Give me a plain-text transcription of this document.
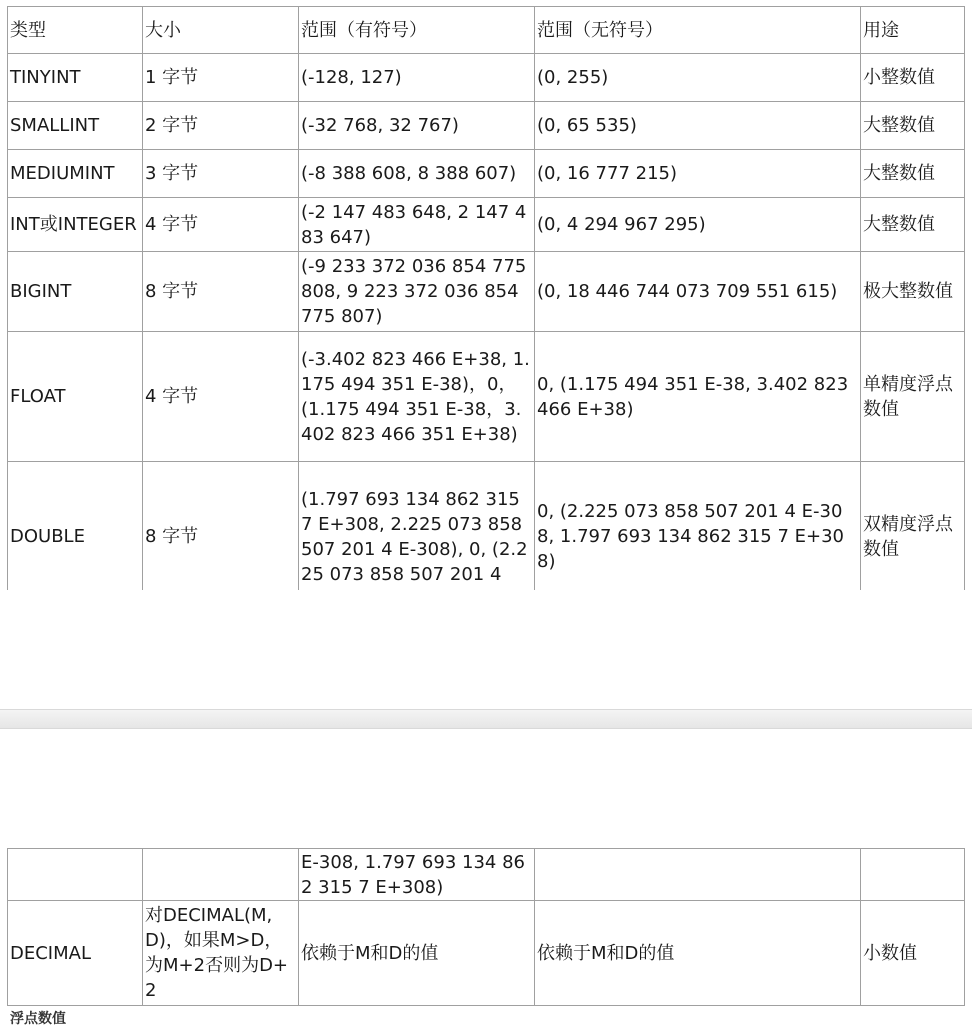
类型	大小	范围（有符号）	范围（无符号）	用途
TINYINT	1 字节	(-128, 127)	(0, 255)	小整数值
SMALLINT	2 字节	(-32 768, 32 767)	(0, 65 535)	大整数值
MEDIUMINT	3 字节	(-8 388 608, 8 388 607)	(0, 16 777 215)	大整数值
INT或INTEGER	4 字节	(-2 147 483 648, 2 147 483 647)	(0, 4 294 967 295)	大整数值
BIGINT	8 字节	(-9 233 372 036 854 775 808, 9 223 372 036 854 775 807)	(0, 18 446 744 073 709 551 615)	极大整数值
FLOAT	4 字节	(-3.402 823 466 E+38, 1.175 494 351 E-38)，0，(1.175 494 351 E-38，3.402 823 466 351 E+38)	0, (1.175 494 351 E-38, 3.402 823 466 E+38)	单精度浮点数值
DOUBLE	8 字节	(1.797 693 134 862 315 7 E+308, 2.225 073 858 507 201 4 E-308), 0, (2.225 073 858 507 201 4	0, (2.225 073 858 507 201 4 E-308, 1.797 693 134 862 315 7 E+308)	双精度浮点数值
		E-308, 1.797 693 134 862 315 7 E+308)		
DECIMAL	对DECIMAL(M,D)，如果M>D，为M+2否则为D+2	依赖于M和D的值	依赖于M和D的值	小数值
浮点数值
